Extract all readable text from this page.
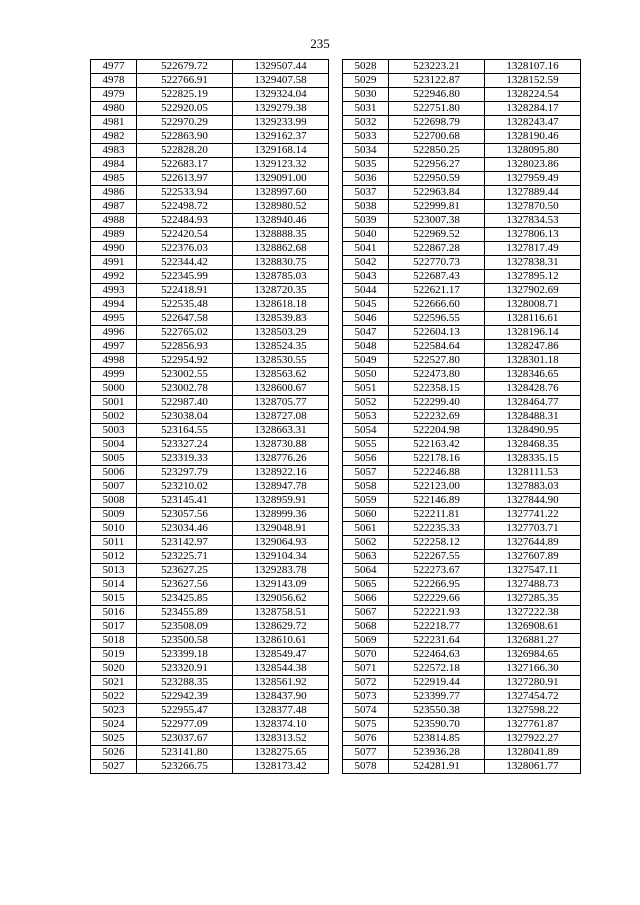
235
4977	522679.72	1329507.44
4978	522766.91	1329407.58
4979	522825.19	1329324.04
4980	522920.05	1329279.38
4981	522970.29	1329233.99
4982	522863.90	1329162.37
4983	522828.20	1329168.14
4984	522683.17	1329123.32
4985	522613.97	1329091.00
4986	522533.94	1328997.60
4987	522498.72	1328980.52
4988	522484.93	1328940.46
4989	522420.54	1328888.35
4990	522376.03	1328862.68
4991	522344.42	1328830.75
4992	522345.99	1328785.03
4993	522418.91	1328720.35
4994	522535.48	1328618.18
4995	522647.58	1328539.83
4996	522765.02	1328503.29
4997	522856.93	1328524.35
4998	522954.92	1328530.55
4999	523002.55	1328563.62
5000	523002.78	1328600.67
5001	522987.40	1328705.77
5002	523038.04	1328727.08
5003	523164.55	1328663.31
5004	523327.24	1328730.88
5005	523319.33	1328776.26
5006	523297.79	1328922.16
5007	523210.02	1328947.78
5008	523145.41	1328959.91
5009	523057.56	1328999.36
5010	523034.46	1329048.91
5011	523142.97	1329064.93
5012	523225.71	1329104.34
5013	523627.25	1329283.78
5014	523627.56	1329143.09
5015	523425.85	1329056.62
5016	523455.89	1328758.51
5017	523508.09	1328629.72
5018	523500.58	1328610.61
5019	523399.18	1328549.47
5020	523320.91	1328544.38
5021	523288.35	1328561.92
5022	522942.39	1328437.90
5023	522955.47	1328377.48
5024	522977.09	1328374.10
5025	523037.67	1328313.52
5026	523141.80	1328275.65
5027	523266.75	1328173.42
5028	523223.21	1328107.16
5029	523122.87	1328152.59
5030	522946.80	1328224.54
5031	522751.80	1328284.17
5032	522698.79	1328243.47
5033	522700.68	1328190.46
5034	522850.25	1328095.80
5035	522956.27	1328023.86
5036	522950.59	1327959.49
5037	522963.84	1327889.44
5038	522999.81	1327870.50
5039	523007.38	1327834.53
5040	522969.52	1327806.13
5041	522867.28	1327817.49
5042	522770.73	1327838.31
5043	522687.43	1327895.12
5044	522621.17	1327902.69
5045	522666.60	1328008.71
5046	522596.55	1328116.61
5047	522604.13	1328196.14
5048	522584.64	1328247.86
5049	522527.80	1328301.18
5050	522473.80	1328346.65
5051	522358.15	1328428.76
5052	522299.40	1328464.77
5053	522232.69	1328488.31
5054	522204.98	1328490.95
5055	522163.42	1328468.35
5056	522178.16	1328335.15
5057	522246.88	1328111.53
5058	522123.00	1327883.03
5059	522146.89	1327844.90
5060	522211.81	1327741.22
5061	522235.33	1327703.71
5062	522258.12	1327644.89
5063	522267.55	1327607.89
5064	522273.67	1327547.11
5065	522266.95	1327488.73
5066	522229.66	1327285.35
5067	522221.93	1327222.38
5068	522218.77	1326908.61
5069	522231.64	1326881.27
5070	522464.63	1326984.65
5071	522572.18	1327166.30
5072	522919.44	1327280.91
5073	523399.77	1327454.72
5074	523550.38	1327598.22
5075	523590.70	1327761.87
5076	523814.85	1327922.27
5077	523936.28	1328041.89
5078	524281.91	1328061.77
